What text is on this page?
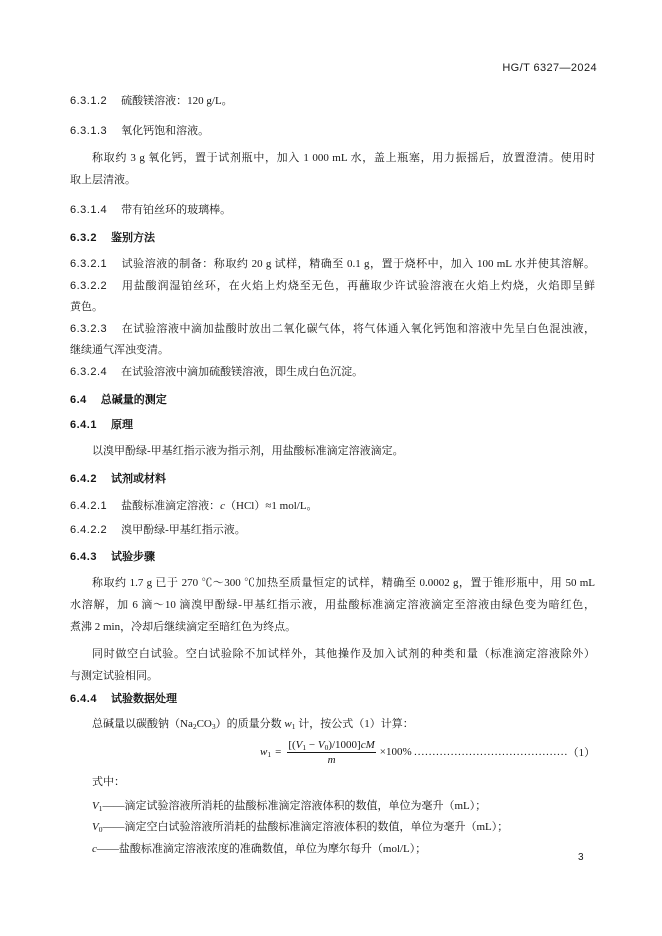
HG/T 6327—2024
6.3.1.2 硫酸镁溶液：120 g/L。
6.3.1.3 氧化钙饱和溶液。
称取约 3 g 氧化钙，置于试剂瓶中，加入 1 000 mL 水，盖上瓶塞，用力振摇后，放置澄清。使用时
取上层清液。
6.3.1.4 带有铂丝环的玻璃棒。
6.3.2 鉴别方法
6.3.2.1 试验溶液的制备：称取约 20 g 试样，精确至 0.1 g，置于烧杯中，加入 100 mL 水并使其溶解。
6.3.2.2 用盐酸润湿铂丝环，在火焰上灼烧至无色，再蘸取少许试验溶液在火焰上灼烧，火焰即呈鲜
黄色。
6.3.2.3 在试验溶液中滴加盐酸时放出二氧化碳气体，将气体通入氧化钙饱和溶液中先呈白色混浊液，
继续通气浑浊变清。
6.3.2.4 在试验溶液中滴加硫酸镁溶液，即生成白色沉淀。
6.4 总碱量的测定
6.4.1 原理
以溴甲酚绿-甲基红指示液为指示剂，用盐酸标准滴定溶液滴定。
6.4.2 试剂或材料
6.4.2.1 盐酸标准滴定溶液：c（HCl）≈1 mol/L。
6.4.2.2 溴甲酚绿-甲基红指示液。
6.4.3 试验步骤
称取约 1.7 g 已于 270 ℃～300 ℃加热至质量恒定的试样，精确至 0.0002 g，置于锥形瓶中，用 50 mL
水溶解，加 6 滴～10 滴溴甲酚绿-甲基红指示液，用盐酸标准滴定溶液滴定至溶液由绿色变为暗红色，
煮沸 2 min，冷却后继续滴定至暗红色为终点。
同时做空白试验。空白试验除不加试样外，其他操作及加入试剂的种类和量（标准滴定溶液除外）
与测定试验相同。
6.4.4 试验数据处理
总碱量以碳酸钠$(Na_2CO_3)$的质量分数 $w_1$ 计，按公式（1）计算：
$w_1 = \frac{[(V_1 - V_0)/1000]cM}{m} \times 100\%$ …………………………………… （1）
式中：
$V_1——$滴定试验溶液所消耗的盐酸标准滴定溶液体积的数值，单位为毫升（mL）；
$V_0——$滴定空白试验溶液所消耗的盐酸标准滴定溶液体积的数值，单位为毫升（mL）；
c——盐酸标准滴定溶液浓度的准确数值，单位为摩尔每升（mol/L）；
3
